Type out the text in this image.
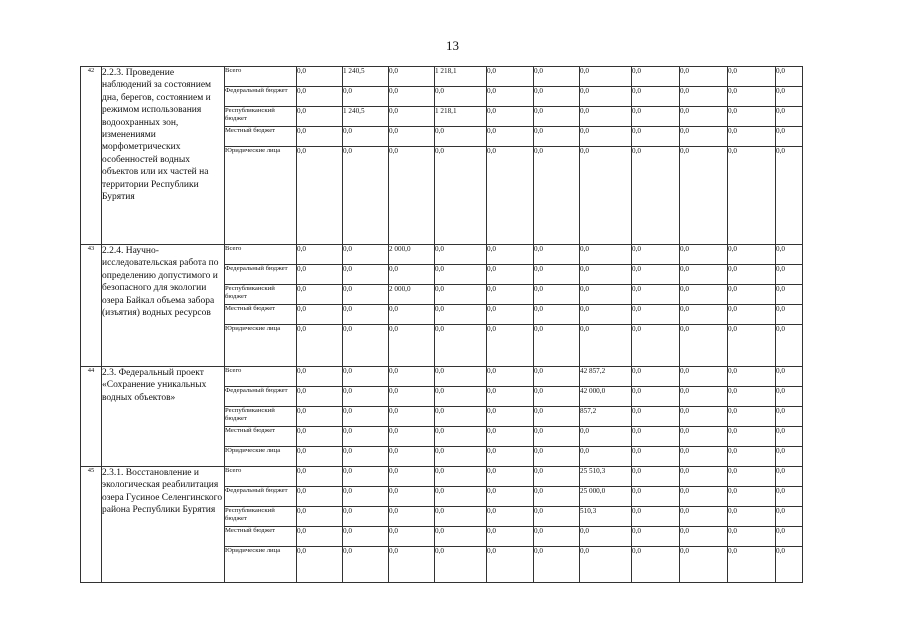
13
42	2.2.3. Проведение наблюдений за состоянием дна, берегов, состоянием и режимом использования водоохранных зон, изменениями морфометрических особенностей водных объектов или их частей на территории Республики Бурятия	Всего	0,0	1 240,5	0,0	1 218,1	0,0	0,0	0,0	0,0	0,0	0,0	0,0
		Федеральный бюджет	0,0	0,0	0,0	0,0	0,0	0,0	0,0	0,0	0,0	0,0	0,0
		Республиканский бюджет	0,0	1 240,5	0,0	1 218,1	0,0	0,0	0,0	0,0	0,0	0,0	0,0
		Местный бюджет	0,0	0,0	0,0	0,0	0,0	0,0	0,0	0,0	0,0	0,0	0,0
		Юридические лица	0,0	0,0	0,0	0,0	0,0	0,0	0,0	0,0	0,0	0,0	0,0
43	2.2.4. Научно-исследовательская работа по определению допустимого и безопасного для экологии озера Байкал объема забора (изъятия) водных ресурсов	Всего	0,0	0,0	2 000,0	0,0	0,0	0,0	0,0	0,0	0,0	0,0	0,0
		Федеральный бюджет	0,0	0,0	0,0	0,0	0,0	0,0	0,0	0,0	0,0	0,0	0,0
		Республиканский бюджет	0,0	0,0	2 000,0	0,0	0,0	0,0	0,0	0,0	0,0	0,0	0,0
		Местный бюджет	0,0	0,0	0,0	0,0	0,0	0,0	0,0	0,0	0,0	0,0	0,0
		Юридические лица	0,0	0,0	0,0	0,0	0,0	0,0	0,0	0,0	0,0	0,0	0,0
44	2.3. Федеральный проект «Сохранение уникальных водных объектов»	Всего	0,0	0,0	0,0	0,0	0,0	0,0	42 857,2	0,0	0,0	0,0	0,0
		Федеральный бюджет	0,0	0,0	0,0	0,0	0,0	0,0	42 000,0	0,0	0,0	0,0	0,0
		Республиканский бюджет	0,0	0,0	0,0	0,0	0,0	0,0	857,2	0,0	0,0	0,0	0,0
		Местный бюджет	0,0	0,0	0,0	0,0	0,0	0,0	0,0	0,0	0,0	0,0	0,0
		Юридические лица	0,0	0,0	0,0	0,0	0,0	0,0	0,0	0,0	0,0	0,0	0,0
45	2.3.1. Восстановление и экологическая реабилитация озера Гусиное Селенгинского района Республики Бурятия	Всего	0,0	0,0	0,0	0,0	0,0	0,0	25 510,3	0,0	0,0	0,0	0,0
		Федеральный бюджет	0,0	0,0	0,0	0,0	0,0	0,0	25 000,0	0,0	0,0	0,0	0,0
		Республиканский бюджет	0,0	0,0	0,0	0,0	0,0	0,0	510,3	0,0	0,0	0,0	0,0
		Местный бюджет	0,0	0,0	0,0	0,0	0,0	0,0	0,0	0,0	0,0	0,0	0,0
		Юридические лица	0,0	0,0	0,0	0,0	0,0	0,0	0,0	0,0	0,0	0,0	0,0
